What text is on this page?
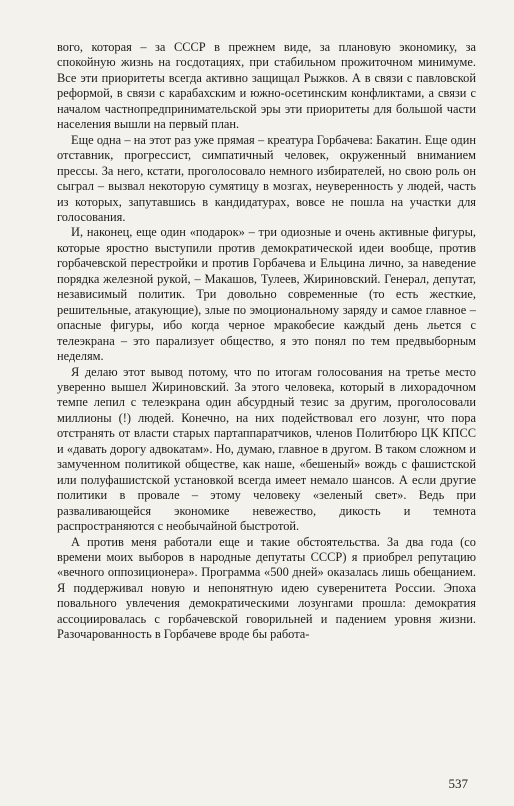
вого, которая – за СССР в прежнем виде, за плановую экономику, за спокойную жизнь на госдотациях, при стабильном прожиточном минимуме. Все эти приоритеты всегда активно защищал Рыжков. А в связи с павловской реформой, в связи с карабахским и южно-осетинским конфликтами, а связи с началом частнопредпринимательской эры эти приоритеты для большой части населения вышли на первый план.

Еще одна – на этот раз уже прямая – креатура Горбачева: Бакатин. Еще один отставник, прогрессист, симпатичный человек, окруженный вниманием прессы. За него, кстати, проголосовало немного избирателей, но свою роль он сыграл – вызвал некоторую сумятицу в мозгах, неуверенность у людей, часть из которых, запутавшись в кандидатурах, вовсе не пошла на участки для голосования.

И, наконец, еще один «подарок» – три одиозные и очень активные фигуры, которые яростно выступили против демократической идеи вообще, против горбачевской перестройки и против Горбачева и Ельцина лично, за наведение порядка железной рукой, – Макашов, Тулеев, Жириновский. Генерал, депутат, независимый политик. Три довольно современные (то есть жесткие, решительные, атакующие), злые по эмоциональному заряду и самое главное – опасные фигуры, ибо когда черное мракобесие каждый день льется с телеэкрана – это парализует общество, я это понял по тем предвыборным неделям.

Я делаю этот вывод потому, что по итогам голосования на третье место уверенно вышел Жириновский. За этого человека, который в лихорадочном темпе лепил с телеэкрана один абсурдный тезис за другим, проголосовали миллионы (!) людей. Конечно, на них подействовал его лозунг, что пора отстранять от власти старых партаппаратчиков, членов Политбюро ЦК КПСС и «давать дорогу адвокатам». Но, думаю, главное в другом. В таком сложном и замученном политикой обществе, как наше, «бешеный» вождь с фашистской или полуфашистской установкой всегда имеет немало шансов. А если другие политики в провале – этому человеку «зеленый свет». Ведь при разваливающейся экономике невежество, дикость и темнота распространяются с необычайной быстротой.

А против меня работали еще и такие обстоятельства. За два года (со времени моих выборов в народные депутаты СССР) я приобрел репутацию «вечного оппозиционера». Программа «500 дней» оказалась лишь обещанием. Я поддерживал новую и непонятную идею суверенитета России. Эпоха повального увлечения демократическими лозунгами прошла: демократия ассоциировалась с горбачевской говорильней и падением уровня жизни. Разочарованность в Горбачеве вроде бы работа-

537
